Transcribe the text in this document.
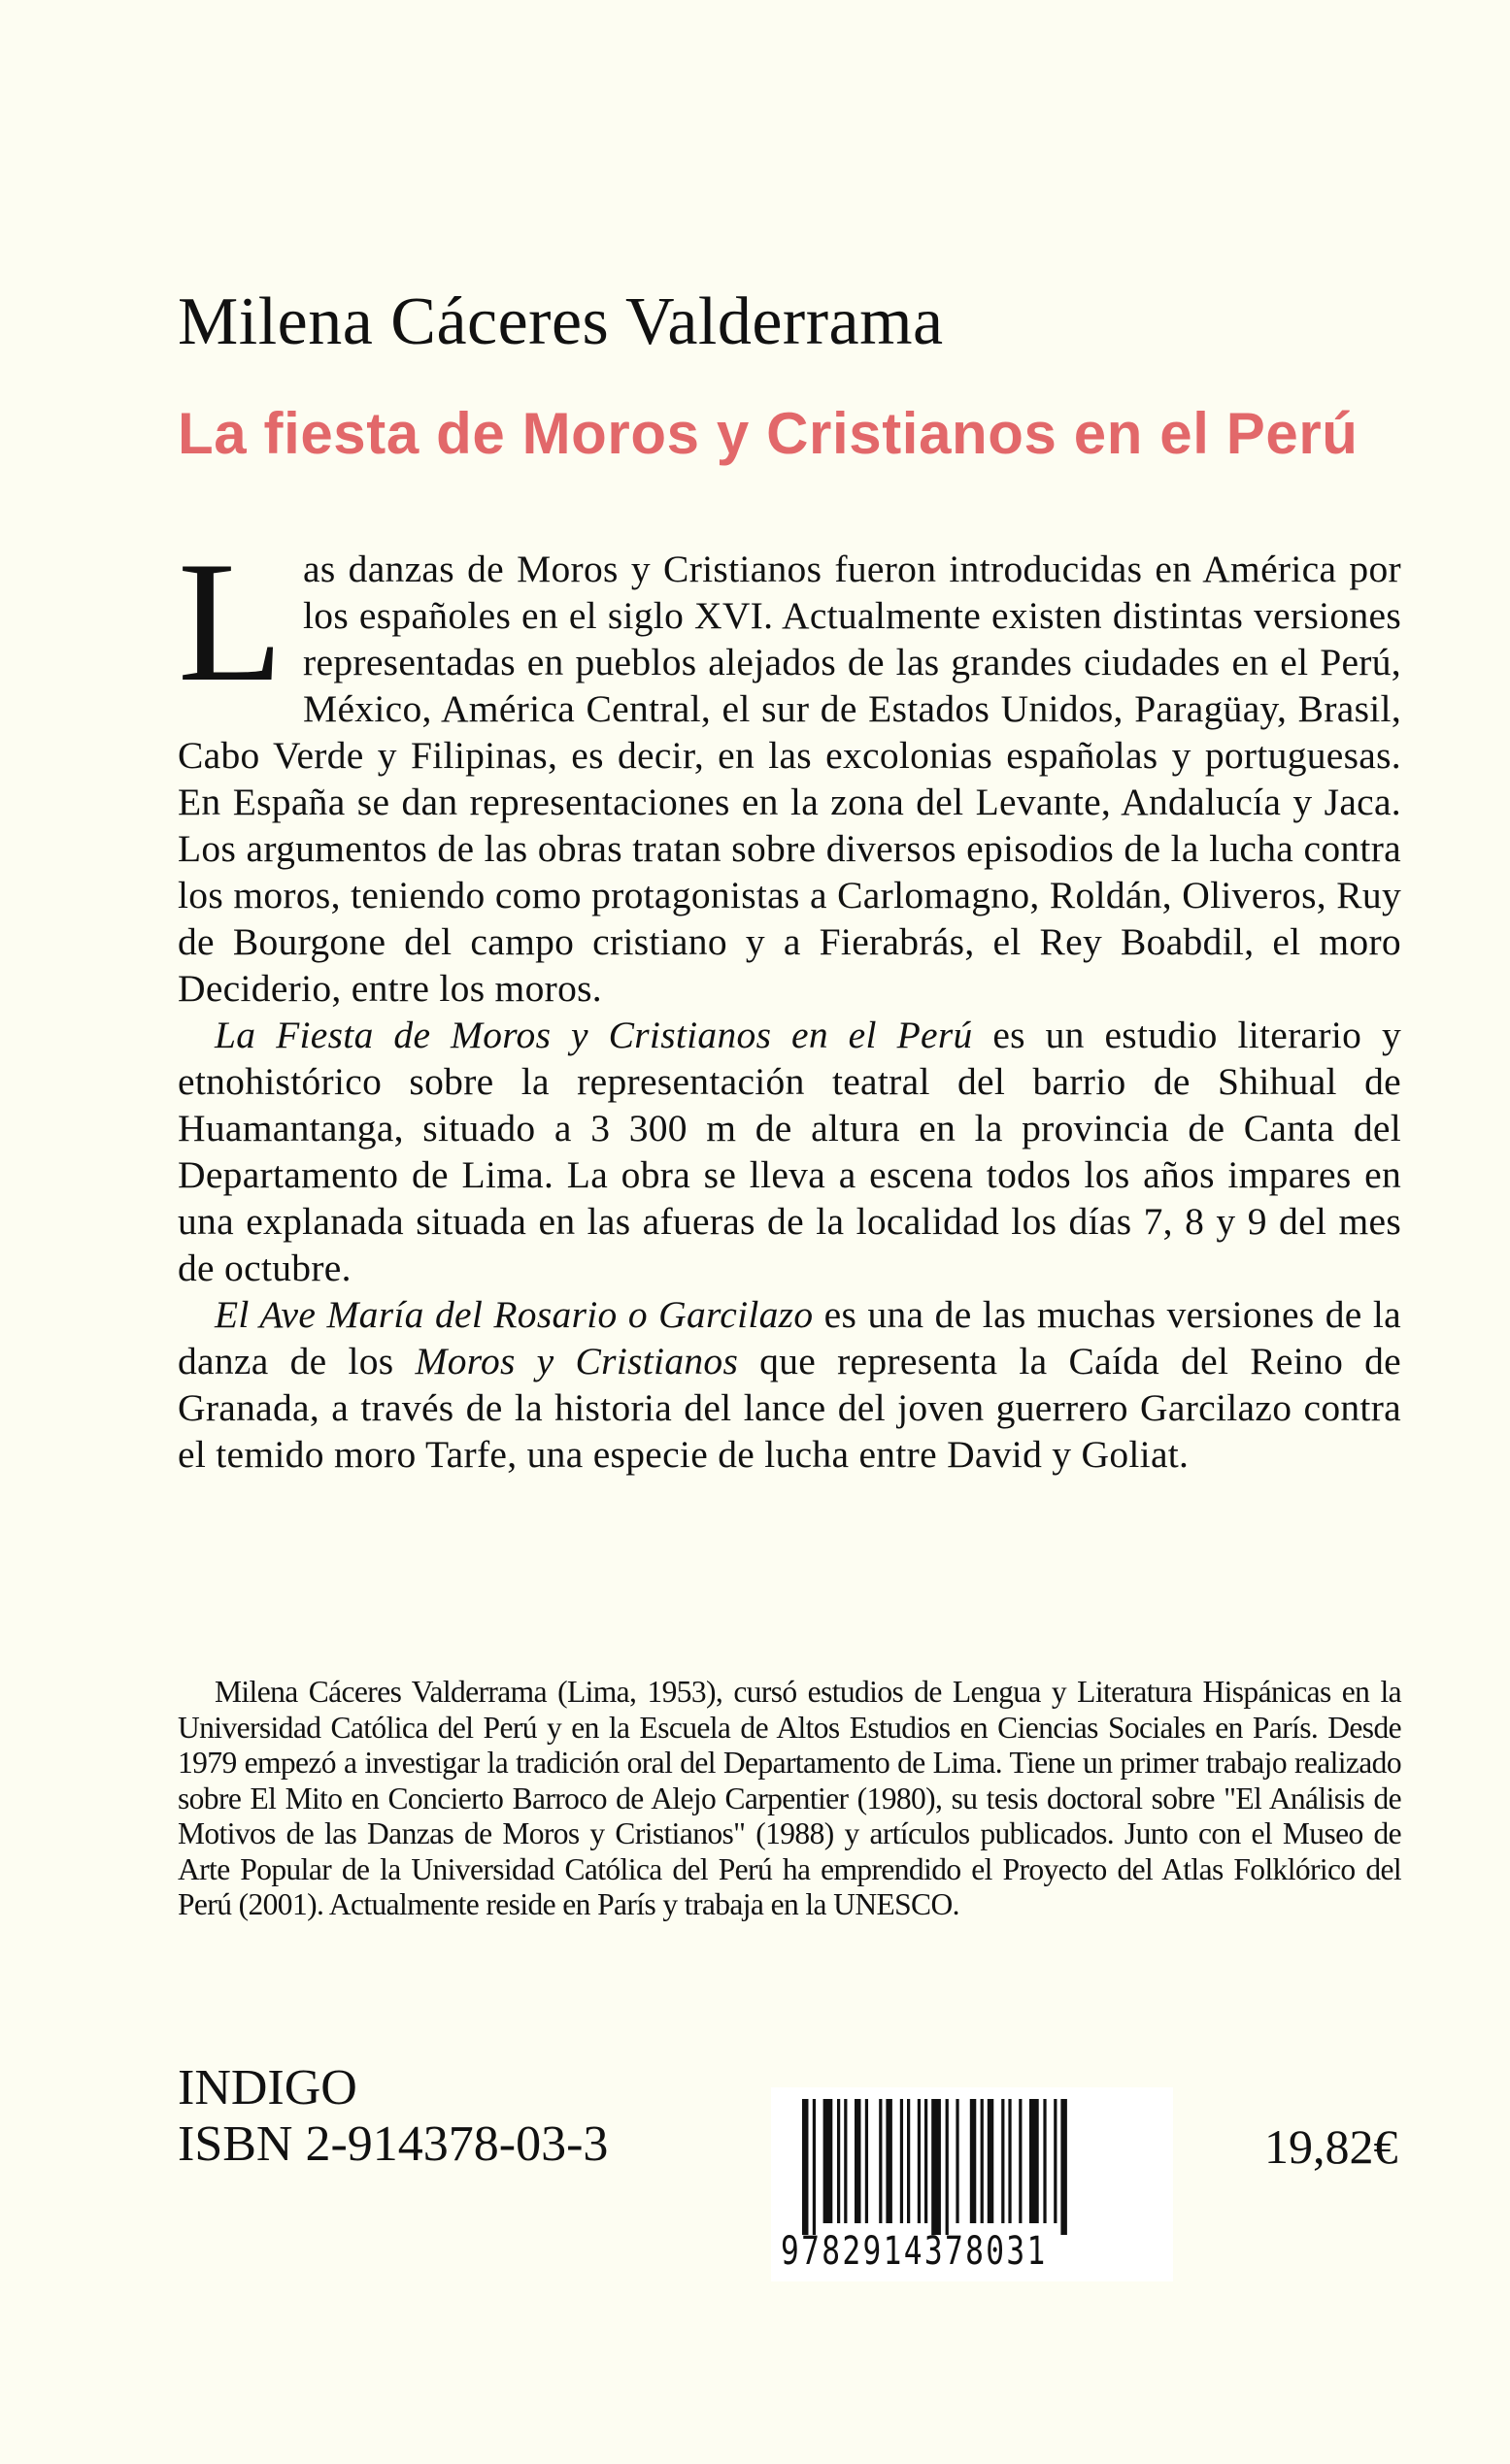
Milena Cáceres Valderrama
La fiesta de Moros y Cristianos en el Perú

Las danzas de Moros y Cristianos fueron introducidas en América por los españoles en el siglo XVI. Actualmente existen distintas versiones representadas en pueblos alejados de las grandes ciudades en el Perú, México, América Central, el sur de Estados Unidos, Paragüay, Brasil, Cabo Verde y Filipinas, es decir, en las excolonias españolas y portuguesas. En España se dan representaciones en la zona del Levante, Andalucía y Jaca. Los argumentos de las obras tratan sobre diversos episodios de la lucha contra los moros, teniendo como protagonistas a Carlomagno, Roldán, Oliveros, Ruy de Bourgone del campo cristiano y a Fierabrás, el Rey Boabdil, el moro Deciderio, entre los moros.

La Fiesta de Moros y Cristianos en el Perú es un estudio literario y etnohistórico sobre la representación teatral del barrio de Shihual de Huamantanga, situado a 3 300 m de altura en la provincia de Canta del Departamento de Lima. La obra se lleva a escena todos los años impares en una explanada situada en las afueras de la localidad los días 7, 8 y 9 del mes de octubre.

El Ave María del Rosario o Garcilazo es una de las muchas versiones de la danza de los Moros y Cristianos que representa la Caída del Reino de Granada, a través de la historia del lance del joven guerrero Garcilazo contra el temido moro Tarfe, una especie de lucha entre David y Goliat.

Milena Cáceres Valderrama (Lima, 1953), cursó estudios de Lengua y Literatura Hispánicas en la Universidad Católica del Perú y en la Escuela de Altos Estudios en Ciencias Sociales en París. Desde 1979 empezó a investigar la tradición oral del Departamento de Lima. Tiene un primer trabajo realizado sobre El Mito en Concierto Barroco de Alejo Carpentier (1980), su tesis doctoral sobre "El Análisis de Motivos de las Danzas de Moros y Cristianos" (1988) y artículos publicados. Junto con el Museo de Arte Popular de la Universidad Católica del Perú ha emprendido el Proyecto del Atlas Folklórico del Perú (2001). Actualmente reside en París y trabaja en la UNESCO.
INDIGO
ISBN 2-914378-03-3
9782914378031
19,82€
